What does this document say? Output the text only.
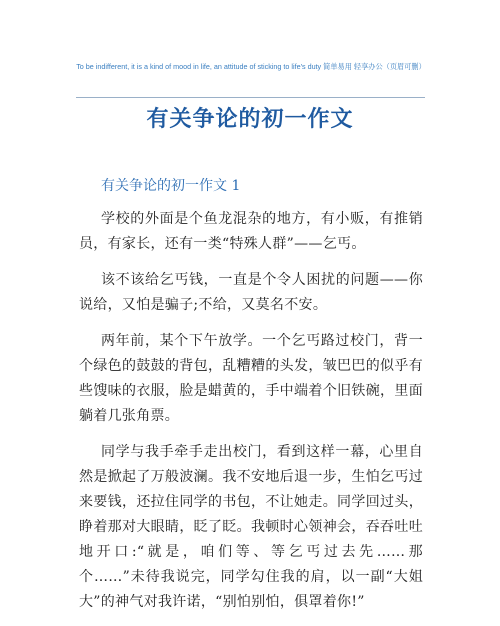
To be indifferent, it is a kind of mood in life, an attitude of sticking to life's duty 简单易用 轻享办公（页眉可删）
有关争论的初一作文
有关争论的初一作文 1

学校的外面是个鱼龙混杂的地方，有小贩，有推销员，有家长，还有一类“特殊人群”——乞丐。

该不该给乞丐钱，一直是个令人困扰的问题——你说给，又怕是骗子;不给，又莫名不安。

两年前，某个下午放学。一个乞丐路过校门，背一个绿色的鼓鼓的背包，乱糟糟的头发，皱巴巴的似乎有些馊味的衣服，脸是蜡黄的，手中端着个旧铁碗，里面躺着几张角票。

同学与我手牵手走出校门，看到这样一幕，心里自然是掀起了万般波澜。我不安地后退一步，生怕乞丐过来要钱，还拉住同学的书包，不让她走。同学回过头，睁着那对大眼睛，眨了眨。我顿时心领神会，吞吞吐吐地开口:“就是，咱们等、等乞丐过去先……那个……”未待我说完，同学勾住我的肩，以一副“大姐大”的神气对我许诺，“别怕别怕，俱罩着你!”
